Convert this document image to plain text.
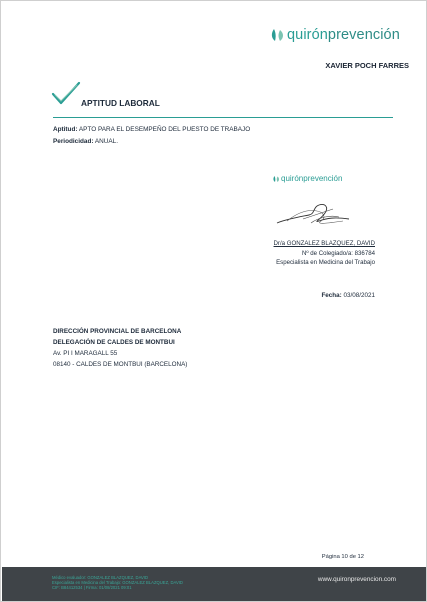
quirónprevención
XAVIER POCH FARRES
APTITUD LABORAL
Aptitud: APTO PARA EL DESEMPEÑO DEL PUESTO DE TRABAJO
Periodicidad: ANUAL.
quirónprevención
Dr/a GONZALEZ BLAZQUEZ, DAVID
Nº de Colegiado/a: 836784
Especialista en Medicina del Trabajo
Fecha: 03/08/2021
DIRECCIÓN PROVINCIAL DE BARCELONA
DELEGACIÓN DE CALDES DE MONTBUI
Av. PI I MARAGALL 55
08140 - CALDES DE MONTBUI (BARCELONA)
Página 10 de 12
Médico evaluador: GONZALEZ BLAZQUEZ, DAVID
Especialista en Medicina del Trabajo: GONZALEZ BLAZQUEZ, DAVID
CIF: B84412534 | Firma: 01/08/2021 09:01
www.quironprevencion.com
